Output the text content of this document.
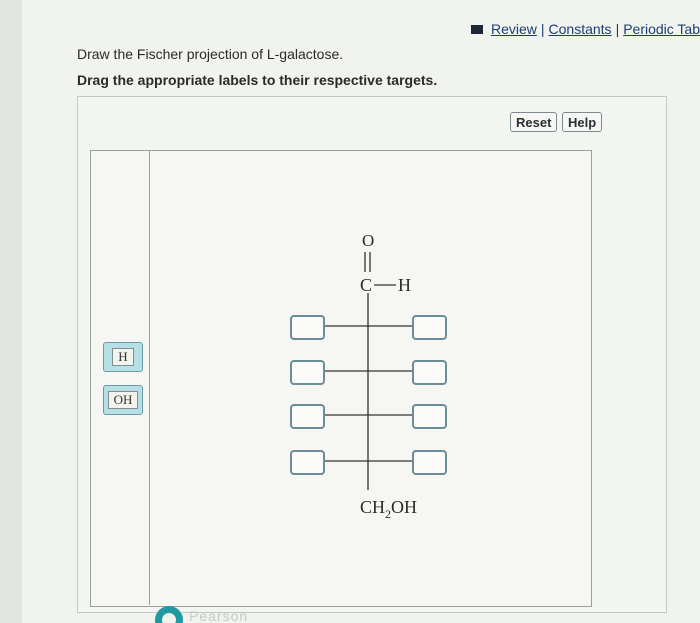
Review | Constants | Periodic Tab
Draw the Fischer projection of L-galactose.
Drag the appropriate labels to their respective targets.
Reset	Help
H
OH
O
C H
$CH_2OH$
Pearson
